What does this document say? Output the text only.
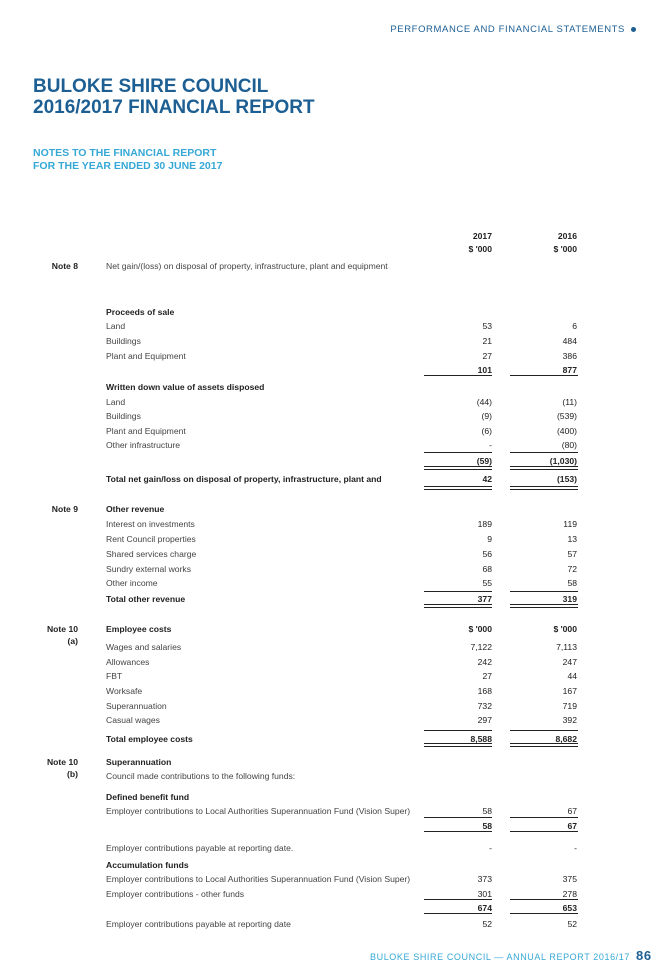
PERFORMANCE AND FINANCIAL STATEMENTS
BULOKE SHIRE COUNCIL
2016/2017 FINANCIAL REPORT
NOTES TO THE FINANCIAL REPORT
FOR THE YEAR ENDED 30 JUNE 2017
2017	2016
$ '000	$ '000
Note 8	Net gain/(loss) on disposal of property, infrastructure, plant and equipment
Proceeds of sale
Land	53	6
Buildings	21	484
Plant and Equipment	27	386
101	877
Written down value of assets disposed
Land	(44)	(11)
Buildings	(9)	(539)
Plant and Equipment	(6)	(400)
Other infrastructure	-	(80)
(59)	(1,030)
Total net gain/loss on disposal of property, infrastructure, plant and	42	(153)
Note 9	Other revenue
Interest on investments	189	119
Rent Council properties	9	13
Shared services charge	56	57
Sundry external works	68	72
Other income	55	58
Total other revenue	377	319
Note 10 (a)
Employee costs	$ '000	$ '000
Wages and salaries	7,122	7,113
Allowances	242	247
FBT	27	44
Worksafe	168	167
Superannuation	732	719
Casual wages	297	392
Total employee costs	8,588	8,682
Note 10 (b)
Superannuation
Council made contributions to the following funds:
Defined benefit fund
Employer contributions to Local Authorities Superannuation Fund (Vision Super)	58	67
58	67
Employer contributions payable at reporting date.	-	-
Accumulation funds
Employer contributions to Local Authorities Superannuation Fund (Vision Super)	373	375
Employer contributions - other funds	301	278
674	653
Employer contributions payable at reporting date	52	52
BULOKE SHIRE COUNCIL — ANNUAL REPORT 2016/17 86
